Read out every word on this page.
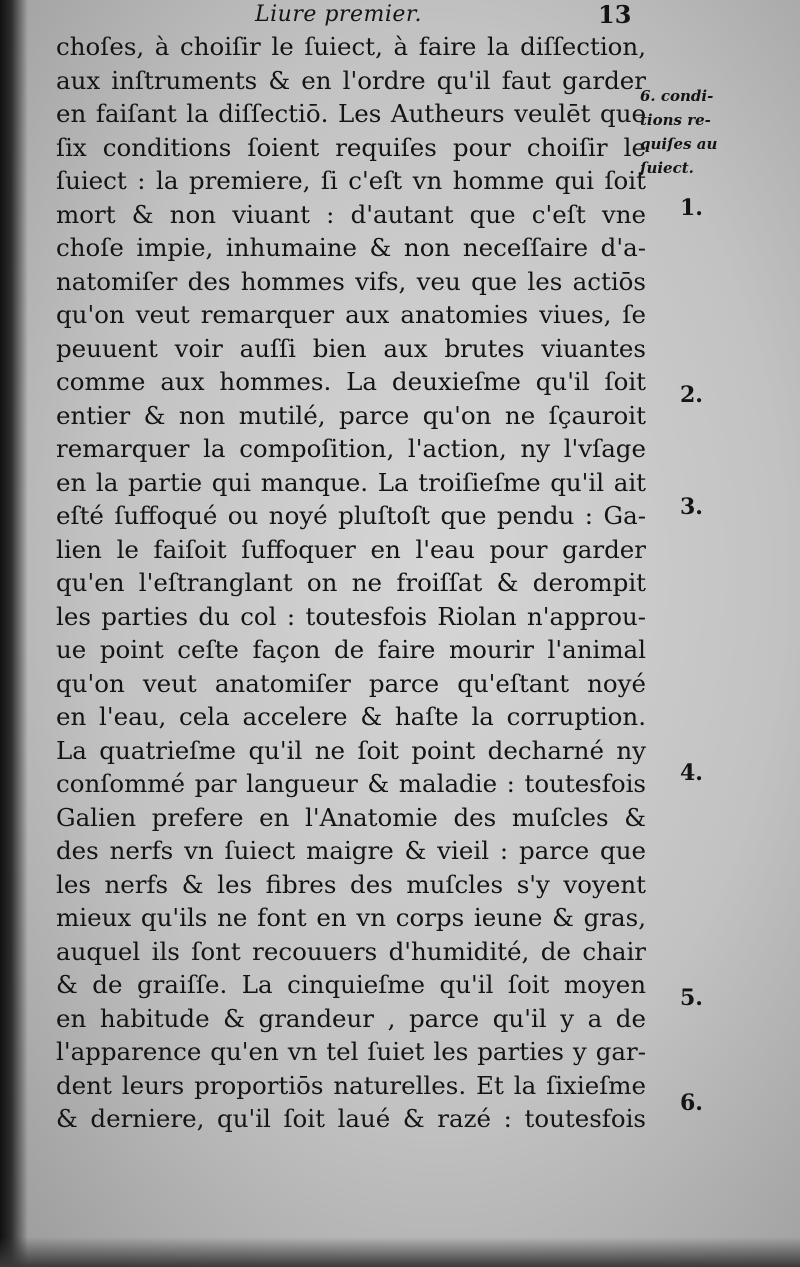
Liure premier.	13
choſes, à choiſir le ſuiect, à faire la diſſection,
aux inſtruments & en l'ordre qu'il faut garder
en faiſant la diſſectiō. Les Autheurs veulēt que
ſix conditions ſoient requiſes pour choiſir le
ſuiect : la premiere, ſi c'eſt vn homme qui ſoit
mort & non viuant : d'autant que c'eſt vne
choſe impie, inhumaine & non neceſſaire d'a-
natomiſer des hommes vifs, veu que les actiōs
qu'on veut remarquer aux anatomies viues, ſe
peuuent voir auſſi bien aux brutes viuantes
comme aux hommes. La deuxieſme qu'il ſoit
entier & non mutilé, parce qu'on ne ſçauroit
remarquer la compoſition, l'action, ny l'vſage
en la partie qui manque. La troiſieſme qu'il ait
eſté ſuffoqué ou noyé pluſtoſt que pendu : Ga-
lien le faiſoit ſuffoquer en l'eau pour garder
qu'en l'eſtranglant on ne froiſſat & derompit
les parties du col : toutesfois Riolan n'approu-
ue point ceſte façon de faire mourir l'animal
qu'on veut anatomiſer parce qu'eſtant noyé
en l'eau, cela accelere & haſte la corruption.
La quatrieſme qu'il ne ſoit point decharné ny
conſommé par langueur & maladie : toutesfois
Galien prefere en l'Anatomie des muſcles &
des nerfs vn ſuiect maigre & vieil : parce que
les nerfs & les fibres des muſcles s'y voyent
mieux qu'ils ne font en vn corps ieune & gras,
auquel ils ſont recouuers d'humidité, de chair
& de graiſſe. La cinquieſme qu'il ſoit moyen
en habitude & grandeur , parce qu'il y a de
l'apparence qu'en vn tel ſuiet les parties y gar-
dent leurs proportiōs naturelles. Et la ſixieſme
& derniere, qu'il ſoit laué & razé : toutesfois
6. condi-
tions re-
quiſes au
ſuiect.
1.
2.
3.
4.
5.
6.
